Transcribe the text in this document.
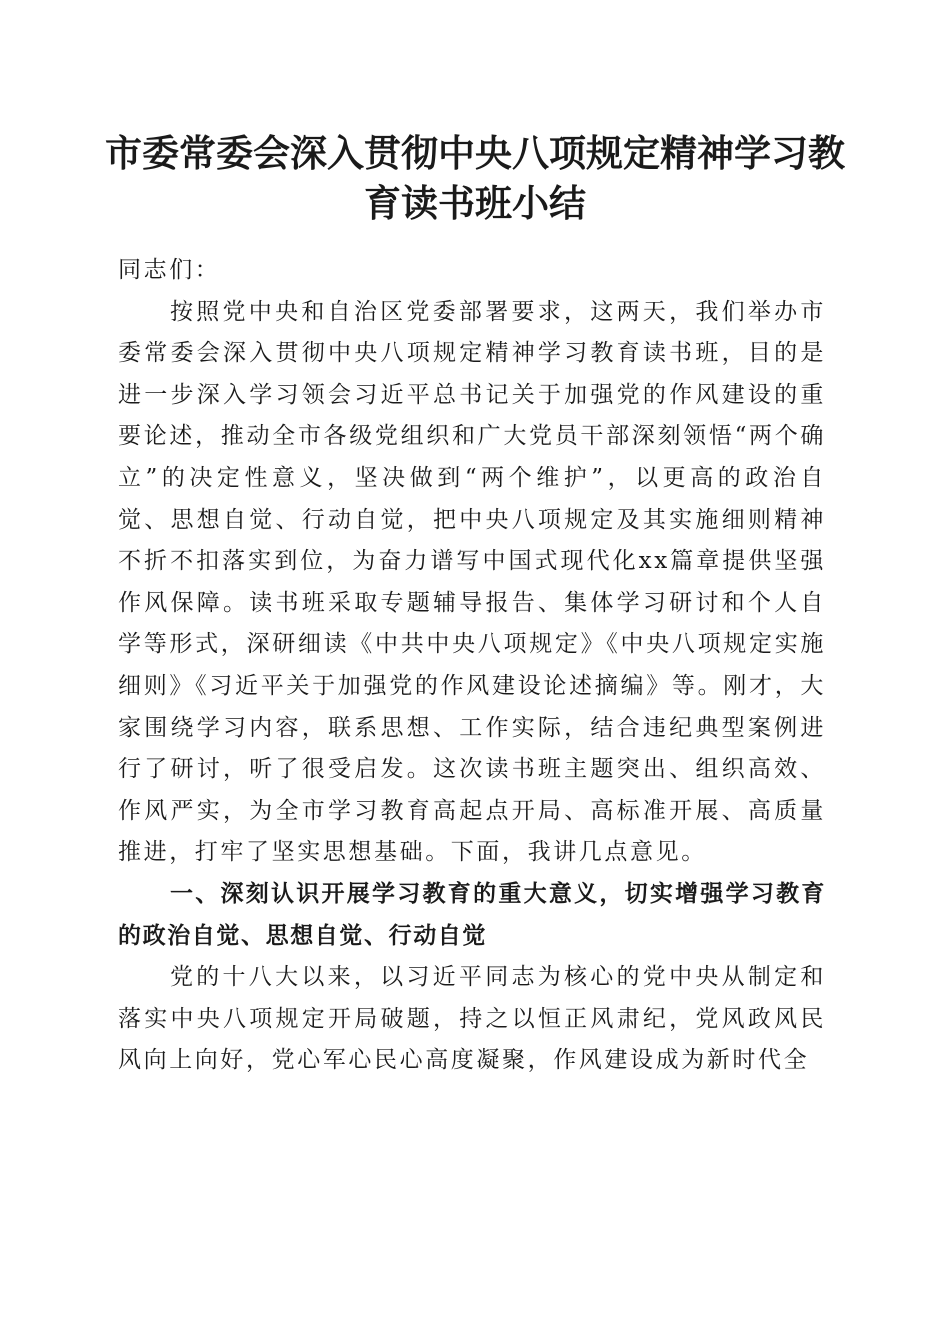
市委常委会深入贯彻中央八项规定精神学习教育读书班小结

同志们：

按照党中央和自治区党委部署要求，这两天，我们举办市委常委会深入贯彻中央八项规定精神学习教育读书班，目的是进一步深入学习领会习近平总书记关于加强党的作风建设的重要论述，推动全市各级党组织和广大党员干部深刻领悟“两个确立”的决定性意义，坚决做到“两个维护”，以更高的政治自觉、思想自觉、行动自觉，把中央八项规定及其实施细则精神不折不扣落实到位，为奋力谱写中国式现代化xx篇章提供坚强作风保障。读书班采取专题辅导报告、集体学习研讨和个人自学等形式，深研细读《中共中央八项规定》《中央八项规定实施细则》《习近平关于加强党的作风建设论述摘编》等。刚才，大家围绕学习内容，联系思想、工作实际，结合违纪典型案例进行了研讨，听了很受启发。这次读书班主题突出、组织高效、作风严实，为全市学习教育高起点开局、高标准开展、高质量推进，打牢了坚实思想基础。下面，我讲几点意见。

一、深刻认识开展学习教育的重大意义，切实增强学习教育的政治自觉、思想自觉、行动自觉

党的十八大以来，以习近平同志为核心的党中央从制定和落实中央八项规定开局破题，持之以恒正风肃纪，党风政风民风向上向好，党心军心民心高度凝聚，作风建设成为新时代全
